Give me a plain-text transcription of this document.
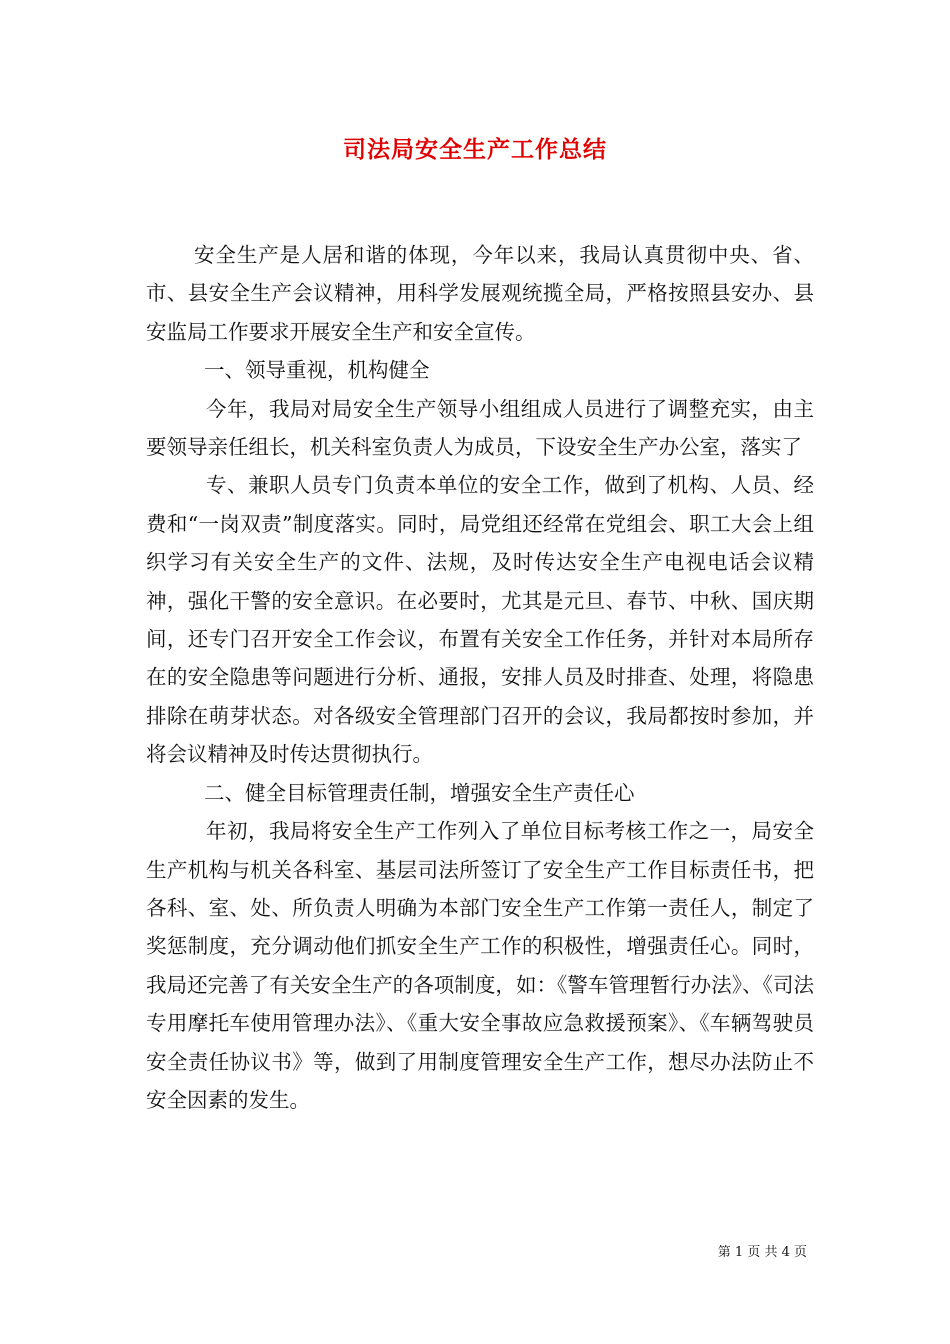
司法局安全生产工作总结

安全生产是人居和谐的体现，今年以来，我局认真贯彻中央、省、市、县安全生产会议精神，用科学发展观统揽全局，严格按照县安办、县安监局工作要求开展安全生产和安全宣传。

一、领导重视，机构健全

今年，我局对局安全生产领导小组组成人员进行了调整充实，由主要领导亲任组长，机关科室负责人为成员，下设安全生产办公室，落实了

专、兼职人员专门负责本单位的安全工作，做到了机构、人员、经费和“一岗双责”制度落实。同时，局党组还经常在党组会、职工大会上组织学习有关安全生产的文件、法规，及时传达安全生产电视电话会议精神，强化干警的安全意识。在必要时，尤其是元旦、春节、中秋、国庆期间，还专门召开安全工作会议，布置有关安全工作任务，并针对本局所存在的安全隐患等问题进行分析、通报，安排人员及时排查、处理，将隐患排除在萌芽状态。对各级安全管理部门召开的会议，我局都按时参加，并将会议精神及时传达贯彻执行。

二、健全目标管理责任制，增强安全生产责任心

年初，我局将安全生产工作列入了单位目标考核工作之一，局安全生产机构与机关各科室、基层司法所签订了安全生产工作目标责任书，把各科、室、处、所负责人明确为本部门安全生产工作第一责任人，制定了奖惩制度，充分调动他们抓安全生产工作的积极性，增强责任心。同时，我局还完善了有关安全生产的各项制度，如：《警车管理暂行办法》、《司法专用摩托车使用管理办法》、《重大安全事故应急救援预案》、《车辆驾驶员安全责任协议书》等，做到了用制度管理安全生产工作，想尽办法防止不安全因素的发生。

第 1 页 共 4 页
